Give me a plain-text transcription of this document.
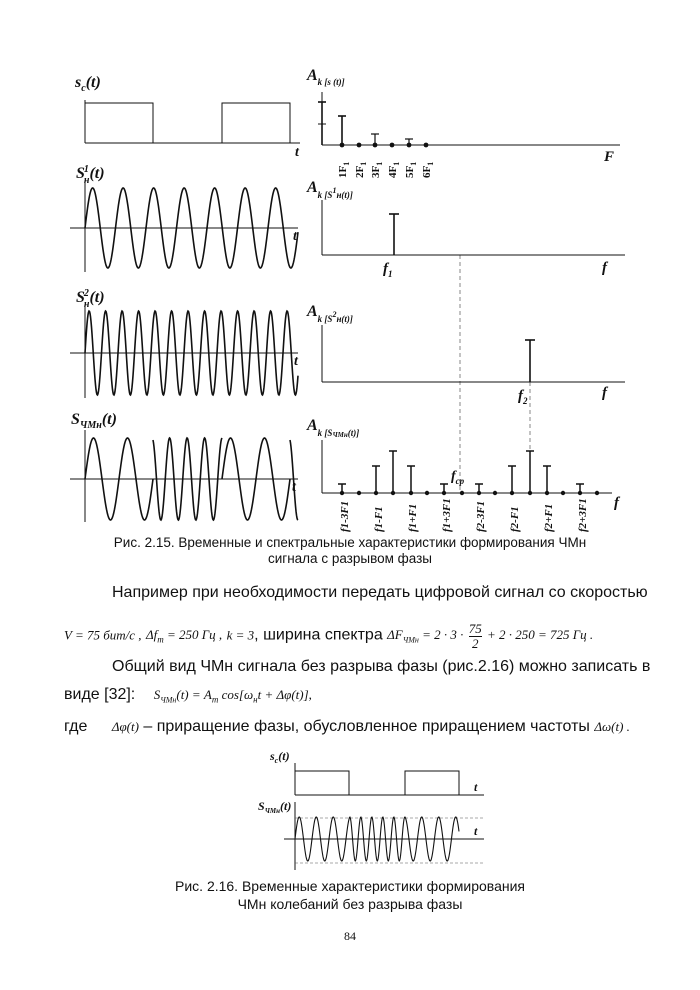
$s_c(t)$
t
$A_{k [s (t)]}$
F
$1F_1$
$2F_1$
$3F_1$
$4F_1$
$5F_1$
$6F_1$
S1 н(t)
t
$A_{k [S}^1_{н(t)]}$
$f_1$	f
S2 н(t)
t
$A_{k [S}^2_{н(t)]}$
$f_2$	f
$S_{ЧМн}(t)$
t
$A_{k [S}ЧМн(t)$]
$f_{ср}$
f
f1-3F1 f1-F1 f1+F1 f1+3F1 f2-3F1 f2-F1 f2+F1 f2+3F1
Рис. 2.15. Временные и спектральные характеристики формирования ЧМн
сигнала с разрывом фазы
Например при необходимости передать цифровой сигнал со скоростью
V = 75 бит/с , $\Delta f_m = 250$ Гц , k = 3, ширина спектра $\Delta F_{ЧМн} = 2 \cdot 3 \cdot \frac{75}{2} + 2 \cdot 250 = 725$ Гц .
Общий вид ЧМн сигнала без разрыва фазы (рис.2.16) можно записать в
виде [32]: $S_{ЧМн}(t) = A_m$ $\cos[\omega_нt + \Delta\varphi(t)]$,
где Δφ(t) – приращение фазы, обусловленное приращением частоты Δω(t) .
$s_c(t)$
t
$S_{ЧМн}(t)$
t
Рис. 2.16. Временные характеристики формирования
ЧМн колебаний без разрыва фазы
84
